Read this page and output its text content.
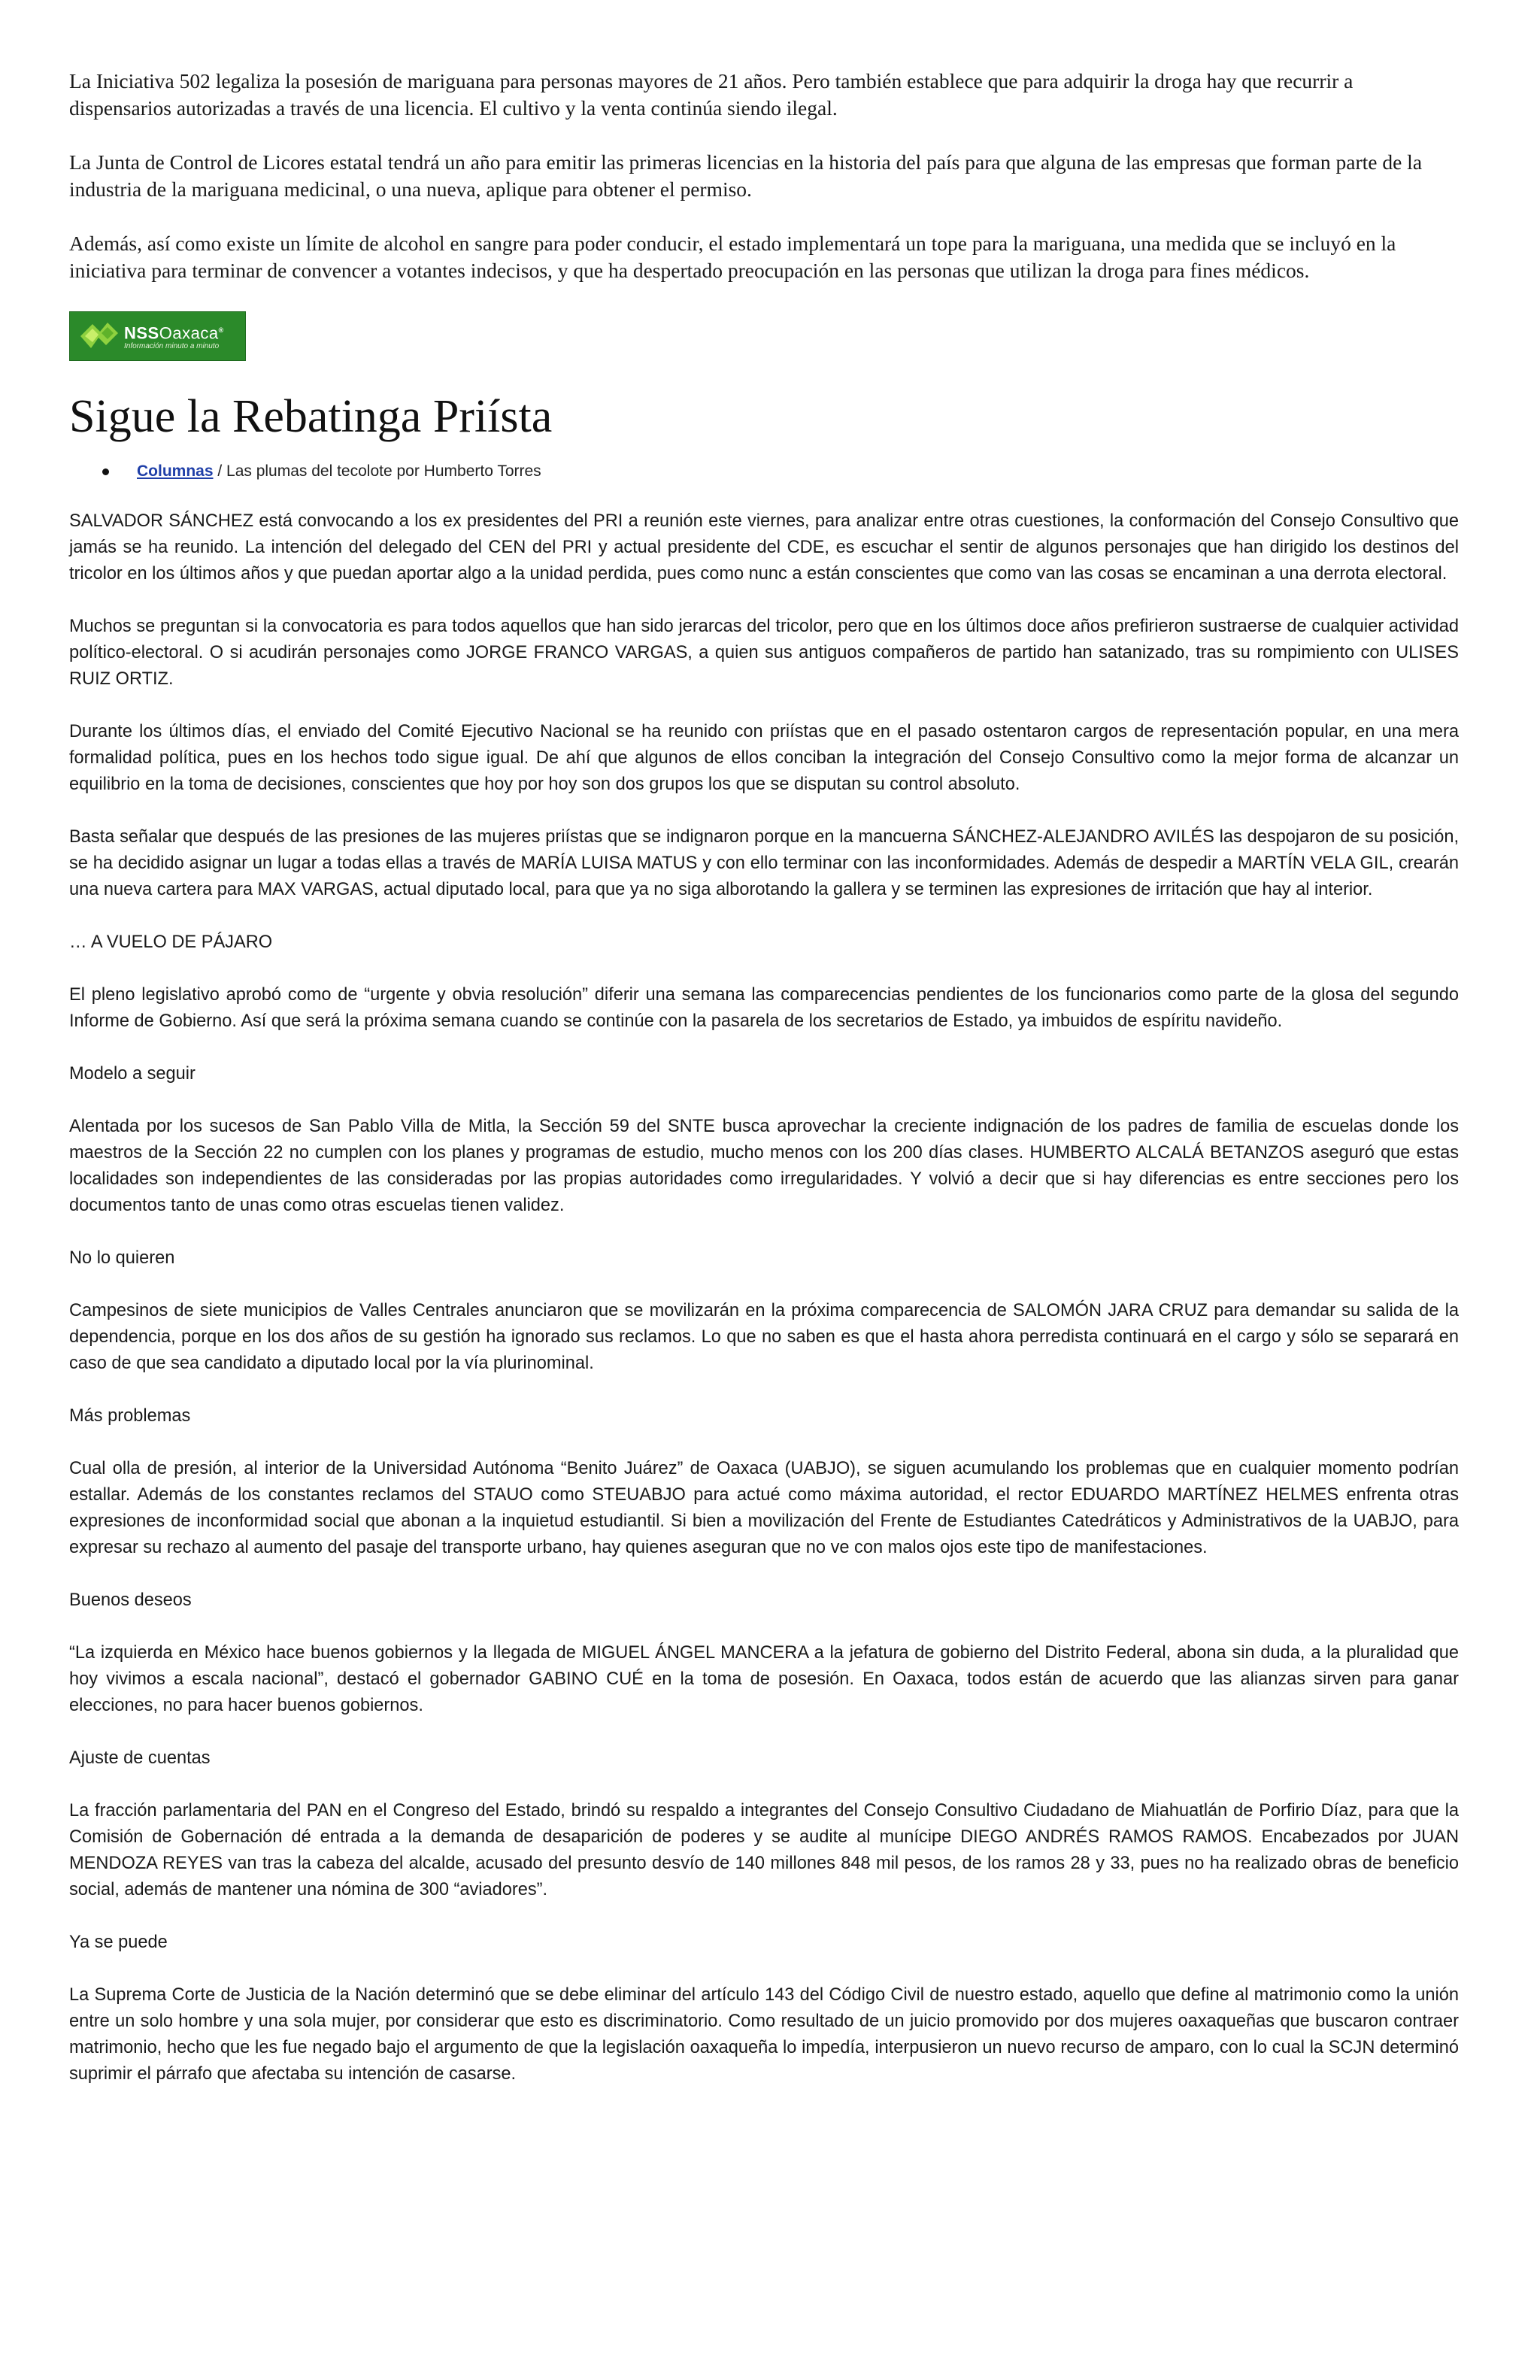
La Iniciativa 502 legaliza la posesión de mariguana para personas mayores de 21 años. Pero también establece que para adquirir la droga hay que recurrir a dispensarios autorizadas a través de una licencia. El cultivo y la venta continúa siendo ilegal.

La Junta de Control de Licores estatal tendrá un año para emitir las primeras licencias en la historia del país para que alguna de las empresas que forman parte de la industria de la mariguana medicinal, o una nueva, aplique para obtener el permiso.

Además, así como existe un límite de alcohol en sangre para poder conducir, el estado implementará un tope para la mariguana, una medida que se incluyó en la iniciativa para terminar de convencer a votantes indecisos, y que ha despertado preocupación en las personas que utilizan la droga para fines médicos.

NSSOaxaca®
Información minuto a minuto
Sigue la Rebatinga Priísta
Columnas / Las plumas del tecolote por Humberto Torres

SALVADOR SÁNCHEZ está convocando a los ex presidentes del PRI a reunión este viernes, para analizar entre otras cuestiones, la conformación del Consejo Consultivo que jamás se ha reunido. La intención del delegado del CEN del PRI y actual presidente del CDE, es escuchar el sentir de algunos personajes que han dirigido los destinos del tricolor en los últimos años y que puedan aportar algo a la unidad perdida, pues como nunc a están conscientes que como van las cosas se encaminan a una derrota electoral.

Muchos se preguntan si la convocatoria es para todos aquellos que han sido jerarcas del tricolor, pero que en los últimos doce años prefirieron sustraerse de cualquier actividad político-electoral. O si acudirán personajes como JORGE FRANCO VARGAS, a quien sus antiguos compañeros de partido han satanizado, tras su rompimiento con ULISES RUIZ ORTIZ.

Durante los últimos días, el enviado del Comité Ejecutivo Nacional se ha reunido con priístas que en el pasado ostentaron cargos de representación popular, en una mera formalidad política, pues en los hechos todo sigue igual. De ahí que algunos de ellos conciban la integración del Consejo Consultivo como la mejor forma de alcanzar un equilibrio en la toma de decisiones, conscientes que hoy por hoy son dos grupos los que se disputan su control absoluto.

Basta señalar que después de las presiones de las mujeres priístas que se indignaron porque en la mancuerna SÁNCHEZ-ALEJANDRO AVILÉS las despojaron de su posición, se ha decidido asignar un lugar a todas ellas a través de MARÍA LUISA MATUS y con ello terminar con las inconformidades. Además de despedir a MARTÍN VELA GIL, crearán una nueva cartera para MAX VARGAS, actual diputado local, para que ya no siga alborotando la gallera y se terminen las expresiones de irritación que hay al interior.

… A VUELO DE PÁJARO

El pleno legislativo aprobó como de “urgente y obvia resolución” diferir una semana las comparecencias pendientes de los funcionarios como parte de la glosa del segundo Informe de Gobierno. Así que será la próxima semana cuando se continúe con la pasarela de los secretarios de Estado, ya imbuidos de espíritu navideño.

Modelo a seguir

Alentada por los sucesos de San Pablo Villa de Mitla, la Sección 59 del SNTE busca aprovechar la creciente indignación de los padres de familia de escuelas donde los maestros de la Sección 22 no cumplen con los planes y programas de estudio, mucho menos con los 200 días clases. HUMBERTO ALCALÁ BETANZOS aseguró que estas localidades son independientes de las consideradas por las propias autoridades como irregularidades. Y volvió a decir que si hay diferencias es entre secciones pero los documentos tanto de unas como otras escuelas tienen validez.

No lo quieren

Campesinos de siete municipios de Valles Centrales anunciaron que se movilizarán en la próxima comparecencia de SALOMÓN JARA CRUZ para demandar su salida de la dependencia, porque en los dos años de su gestión ha ignorado sus reclamos. Lo que no saben es que el hasta ahora perredista continuará en el cargo y sólo se separará en caso de que sea candidato a diputado local por la vía plurinominal.

Más problemas

Cual olla de presión, al interior de la Universidad Autónoma “Benito Juárez” de Oaxaca (UABJO), se siguen acumulando los problemas que en cualquier momento podrían estallar. Además de los constantes reclamos del STAUO como STEUABJO para actué como máxima autoridad, el rector EDUARDO MARTÍNEZ HELMES enfrenta otras expresiones de inconformidad social que abonan a la inquietud estudiantil. Si bien a movilización del Frente de Estudiantes Catedráticos y Administrativos de la UABJO, para expresar su rechazo al aumento del pasaje del transporte urbano, hay quienes aseguran que no ve con malos ojos este tipo de manifestaciones.

Buenos deseos

“La izquierda en México hace buenos gobiernos y la llegada de MIGUEL ÁNGEL MANCERA a la jefatura de gobierno del Distrito Federal, abona sin duda, a la pluralidad que hoy vivimos a escala nacional”, destacó el gobernador GABINO CUÉ en la toma de posesión. En Oaxaca, todos están de acuerdo que las alianzas sirven para ganar elecciones, no para hacer buenos gobiernos.

Ajuste de cuentas

La fracción parlamentaria del PAN en el Congreso del Estado, brindó su respaldo a integrantes del Consejo Consultivo Ciudadano de Miahuatlán de Porfirio Díaz, para que la Comisión de Gobernación dé entrada a la demanda de desaparición de poderes y se audite al munícipe DIEGO ANDRÉS RAMOS RAMOS. Encabezados por JUAN MENDOZA REYES van tras la cabeza del alcalde, acusado del presunto desvío de 140 millones 848 mil pesos, de los ramos 28 y 33, pues no ha realizado obras de beneficio social, además de mantener una nómina de 300 “aviadores”.

Ya se puede

La Suprema Corte de Justicia de la Nación determinó que se debe eliminar del artículo 143 del Código Civil de nuestro estado, aquello que define al matrimonio como la unión entre un solo hombre y una sola mujer, por considerar que esto es discriminatorio. Como resultado de un juicio promovido por dos mujeres oaxaqueñas que buscaron contraer matrimonio, hecho que les fue negado bajo el argumento de que la legislación oaxaqueña lo impedía, interpusieron un nuevo recurso de amparo, con lo cual la SCJN determinó suprimir el párrafo que afectaba su intención de casarse.
